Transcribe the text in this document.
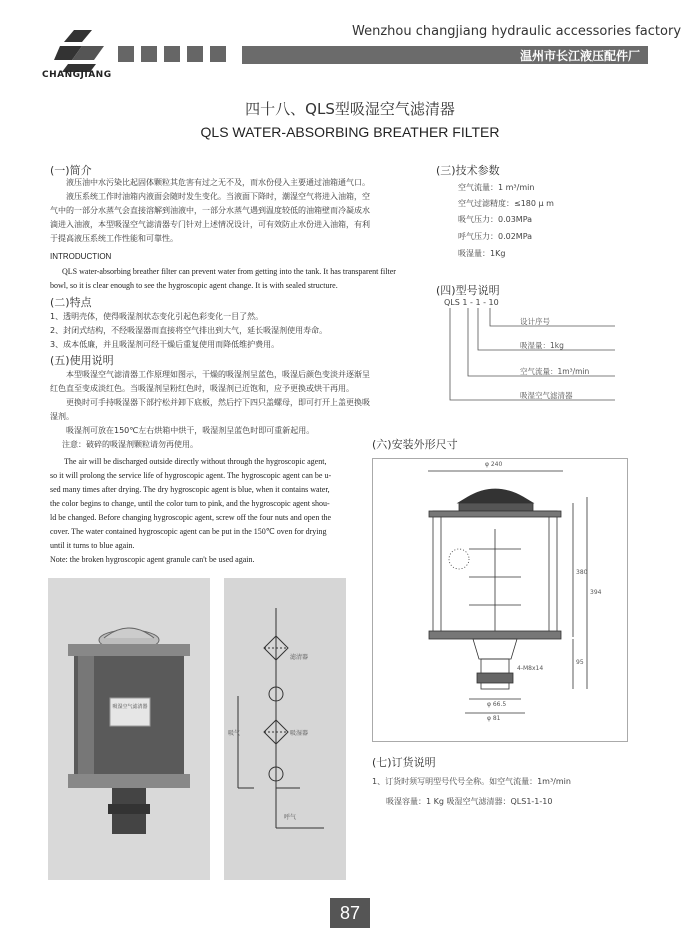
CHANGJIANG
Wenzhou changjiang hydraulic accessories factory
温州市长江液压配件厂
四十八、QLS型吸湿空气滤清器
QLS WATER-ABSORBING BREATHER FILTER
(一)简介
液压油中水污染比起固体颗粒其危害有过之无不及，而水份侵入主要通过油箱通气口。
液压系统工作时油箱内液面会随时发生变化。当液面下降时，潮湿空气将进入油箱，空
气中的一部分水蒸气会直接溶解到油液中，一部分水蒸气遇到温度较低的油箱壁而冷凝成水
滴进入油液，本型吸湿空气滤清器专门针对上述情况设计，可有效防止水份进入油箱，有利
于提高液压系统工作性能和可靠性。
INTRODUCTION
QLS water-absorbing breather filter can prevent water from getting into the tank. It has transparent filter
bowl, so it is clear enough to see the hygroscopic agent change. It is with sealed structure.
(二)特点
1、透明壳体，使得吸湿剂状态变化引起色彩变化一目了然。
2、封闭式结构，不经吸湿器而直接将空气排出到大气，延长吸湿剂使用寿命。
3、成本低廉，并且吸湿剂可经干燥后重复使用而降低维护费用。
(五)使用说明
本型吸湿空气滤清器工作原理如图示，干燥的吸湿剂呈蓝色，吸湿后颜色变淡并逐渐呈
红色直至变成淡红色。当吸湿剂呈粉红色时，吸湿剂已近饱和，应予更换或烘干再用。
更换时可手持吸湿器下部拧松并卸下底板，然后拧下四只盖螺母，即可打开上盖更换吸
湿剂。
吸湿剂可放在150℃左右烘箱中烘干，吸湿剂呈蓝色时即可重新起用。
注意：破碎的吸湿剂颗粒请勿再使用。
The air will be discharged outside directly without through the hygroscopic agent,
so it will prolong the service life of hygroscopic agent. The hygroscopic agent can be u-
sed many times after drying. The dry hygroscopic agent is blue, when it contains water,
the color begins to change, until the color turn to pink, and the hygroscopic agent shou-
ld be changed. Before changing hygroscopic agent, screw off the four nuts and open the
cover. The water contained hygroscopic agent can be put in the 150℃ oven for drying
until it turns to blue again.
Note: the broken hygroscopic agent granule can't be used again.
(三)技术参数
空气流量：1 m³/min
空气过滤精度：≤180 μ m
吸气压力：0.03MPa
呼气压力：0.02MPa
吸湿量：1Kg
(四)型号说明
QLS 1 - 1 - 10
设计序号
吸湿量：1kg
空气流量：1m³/min
吸湿空气滤清器
(六)安装外形尺寸
φ 240
380
394
95
4-M8x14
φ 66.5
φ 81
(七)订货说明
1、订货时须写明型号代号全称。如空气流量：1m³/min
吸湿容量：1 Kg 吸湿空气滤清器：QLS1-1-10
吸湿空气滤清器
滤清器
吸湿器
吸气
呼气
87
